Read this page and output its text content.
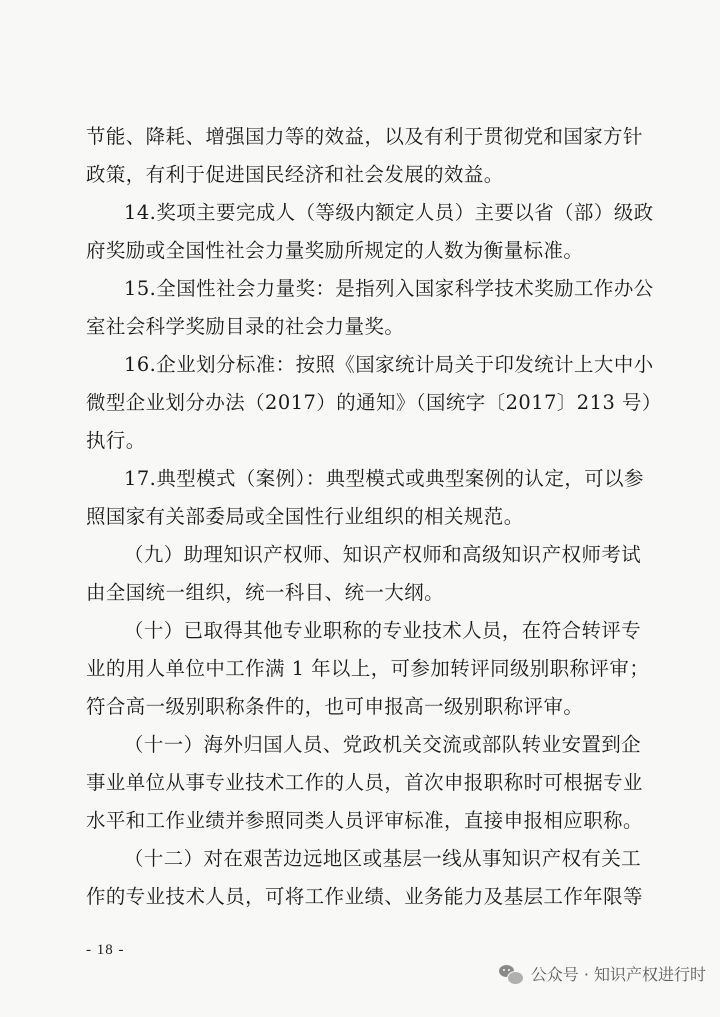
节能、降耗、增强国力等的效益，以及有利于贯彻党和国家方针
政策，有利于促进国民经济和社会发展的效益。
14.奖项主要完成人（等级内额定人员）主要以省（部）级政
府奖励或全国性社会力量奖励所规定的人数为衡量标准。
15.全国性社会力量奖：是指列入国家科学技术奖励工作办公
室社会科学奖励目录的社会力量奖。
16.企业划分标准：按照《国家统计局关于印发统计上大中小
微型企业划分办法（2017）的通知》（国统字〔2017〕213 号）
执行。
17.典型模式（案例）：典型模式或典型案例的认定，可以参
照国家有关部委局或全国性行业组织的相关规范。
（九）助理知识产权师、知识产权师和高级知识产权师考试
由全国统一组织，统一科目、统一大纲。
（十）已取得其他专业职称的专业技术人员，在符合转评专
业的用人单位中工作满 1 年以上，可参加转评同级别职称评审；
符合高一级别职称条件的，也可申报高一级别职称评审。
（十一）海外归国人员、党政机关交流或部队转业安置到企
事业单位从事专业技术工作的人员，首次申报职称时可根据专业
水平和工作业绩并参照同类人员评审标准，直接申报相应职称。
（十二）对在艰苦边远地区或基层一线从事知识产权有关工
作的专业技术人员，可将工作业绩、业务能力及基层工作年限等
- 18 -
公众号 · 知识产权进行时
